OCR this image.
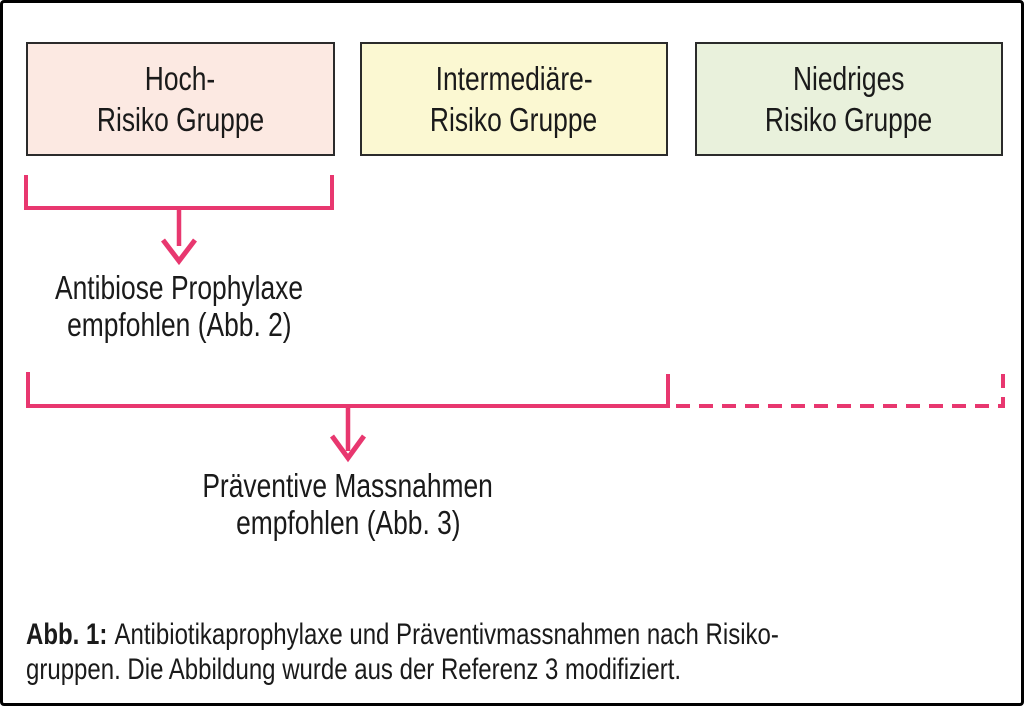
Hoch-
Risiko Gruppe
Intermediäre-
Risiko Gruppe
Niedriges
Risiko Gruppe
Antibiose Prophylaxe
empfohlen (Abb. 2)
Präventive Massnahmen
empfohlen (Abb. 3)
Abb. 1: Antibiotikaprophylaxe und Präventivmassnahmen nach Risiko-
gruppen. Die Abbildung wurde aus der Referenz 3 modifiziert.
